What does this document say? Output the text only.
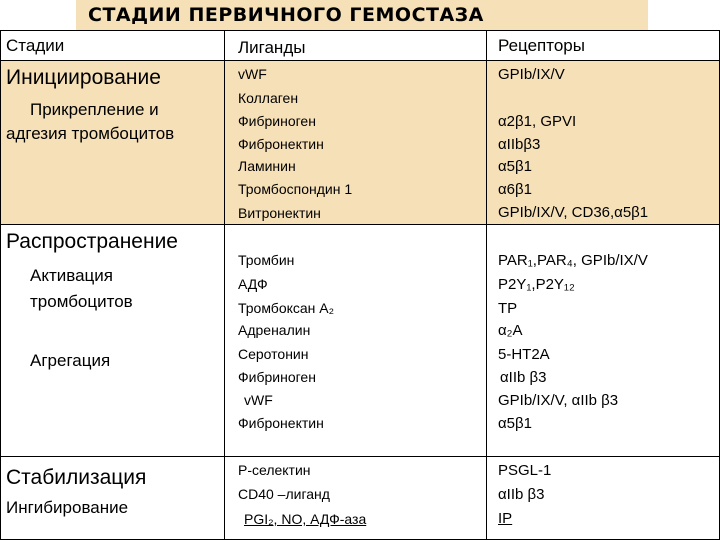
СТАДИИ ПЕРВИЧНОГО ГЕМОСТАЗА
Стадии	Лиганды	Рецепторы
Инициирование
Прикрепление и
адгезия тромбоцитов
vWF
Коллаген
Фибриноген
Фибронектин
Ламинин
Тромбоспондин 1
Витронектин
GPIb/IX/V
α2β1, GPVI
αIIbβ3
α5β1
α6β1
GPIb/IX/V, CD36,α5β1
Распространение
Активация
тромбоцитов
Агрегация
Тромбин
АДФ
Тромбоксан А₂
Адреналин
Серотонин
Фибриноген
vWF
Фибронектин
PAR₁,PAR₄, GPIb/IX/V
P2Y₁,P2Y₁₂
TP
α₂A
5-HT2A
αIIb β3
GPIb/IX/V, αIIb β3
α5β1
Стабилизация
Ингибирование
Р-селектин
CD40 –лиганд
PGI₂, NO, АДФ-аза
PSGL-1
αIIb β3
IP
